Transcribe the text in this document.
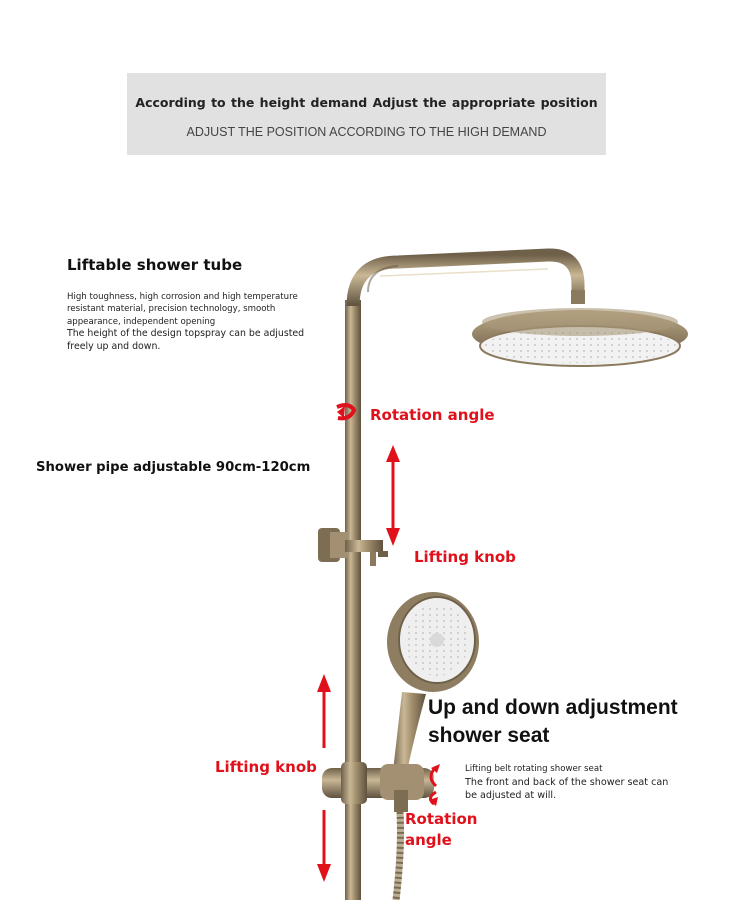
According to the height demand Adjust the appropriate position
ADJUST THE POSITION ACCORDING TO THE HIGH DEMAND
Liftable shower tube
High toughness, high corrosion and high temperature
resistant material, precision technology, smooth
appearance, independent opening
The height of the design topspray can be adjusted
freely up and down.
Shower pipe adjustable 90cm-120cm
Rotation angle
Lifting knob
Lifting knob
Rotation
angle
Up and down adjustment
shower seat
Lifting belt rotating shower seat
The front and back of the shower seat can
be adjusted at will.
